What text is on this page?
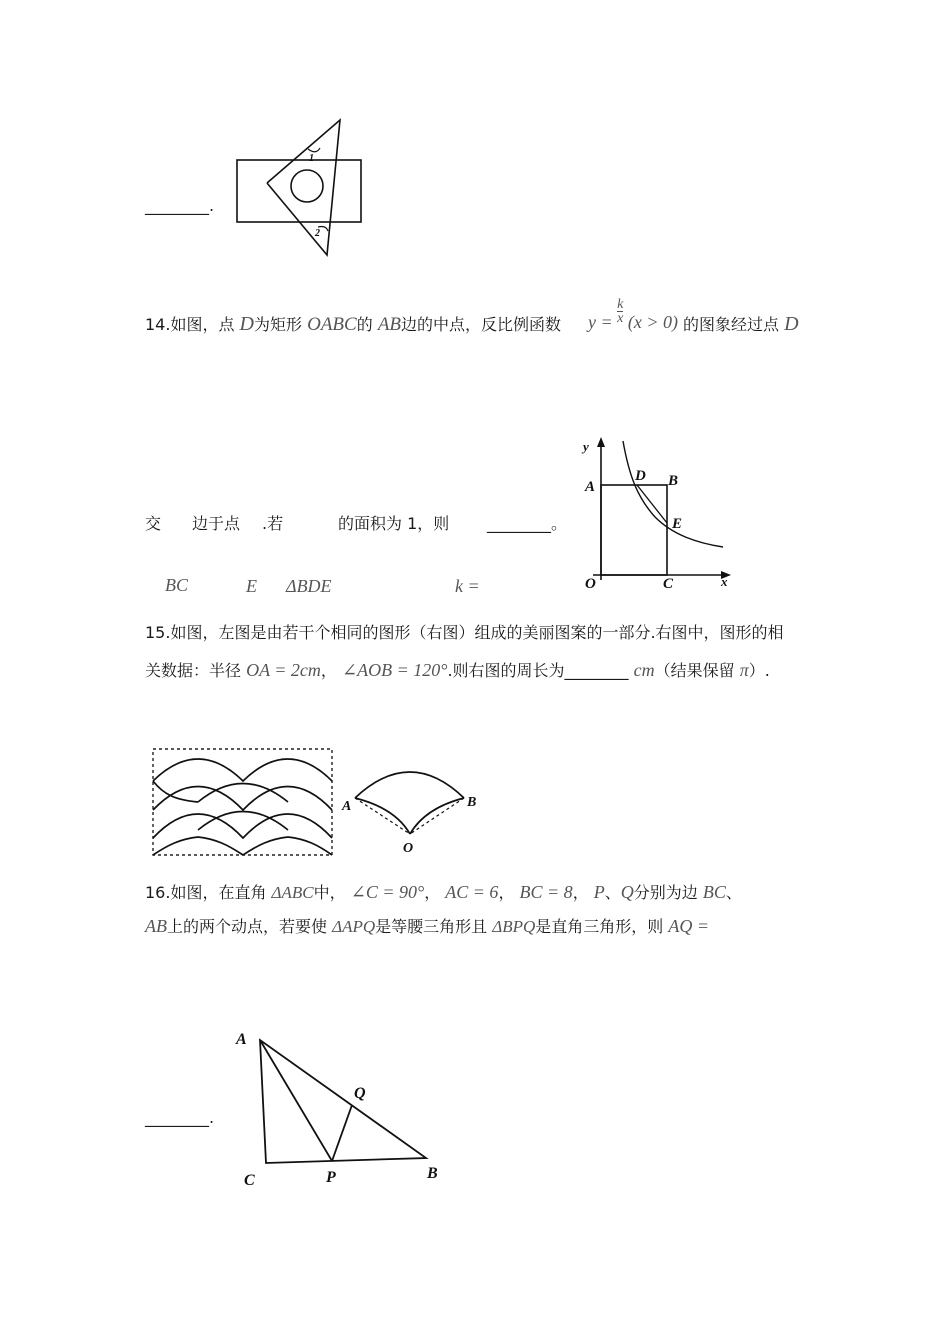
________.
1
2
14.如图，点 D为矩形 OABC的 AB边的中点，反比例函数 $y = \frac{k}{x} (x > 0)$ 的图象经过点 D
交 边于点 .若	的面积为 1，则 ________。
BC	E ΔBDE	k =
y
x
O
A	B
C
D
E
15.如图，左图是由若干个相同的图形（右图）组成的美丽图案的一部分.右图中，图形的相
关数据：半径 OA = 2cm， ∠AOB = 120°.则右图的周长为________ cm（结果保留 π）.
A	B
O
16.如图，在直角 ΔABC中， ∠C = 90°， AC = 6， BC = 8， P、Q分别为边 BC、
AB上的两个动点，若要使 ΔAPQ是等腰三角形且 ΔBPQ是直角三角形，则 AQ =
________.
A
C	P	B
Q
